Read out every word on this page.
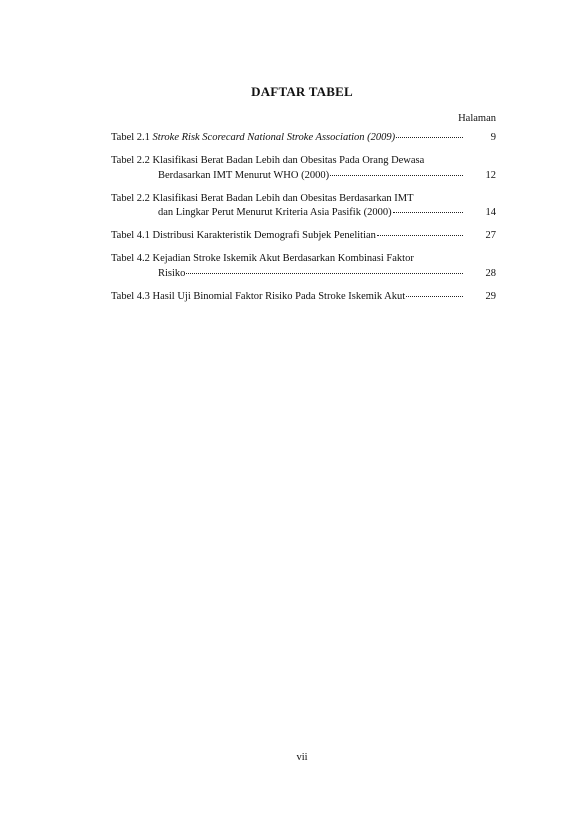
DAFTAR TABEL
Halaman
Tabel 2.1 Stroke Risk Scorecard National Stroke Association (2009)	9
Tabel 2.2 Klasifikasi Berat Badan Lebih dan Obesitas Pada Orang Dewasa
Berdasarkan IMT Menurut WHO (2000)	12
Tabel 2.2 Klasifikasi Berat Badan Lebih dan Obesitas Berdasarkan IMT
dan Lingkar Perut Menurut Kriteria Asia Pasifik (2000)	14
Tabel 4.1 Distribusi Karakteristik Demografi Subjek Penelitian	27
Tabel 4.2 Kejadian Stroke Iskemik Akut Berdasarkan Kombinasi Faktor
Risiko	28
Tabel 4.3 Hasil Uji Binomial Faktor Risiko Pada Stroke Iskemik Akut	29
vii
